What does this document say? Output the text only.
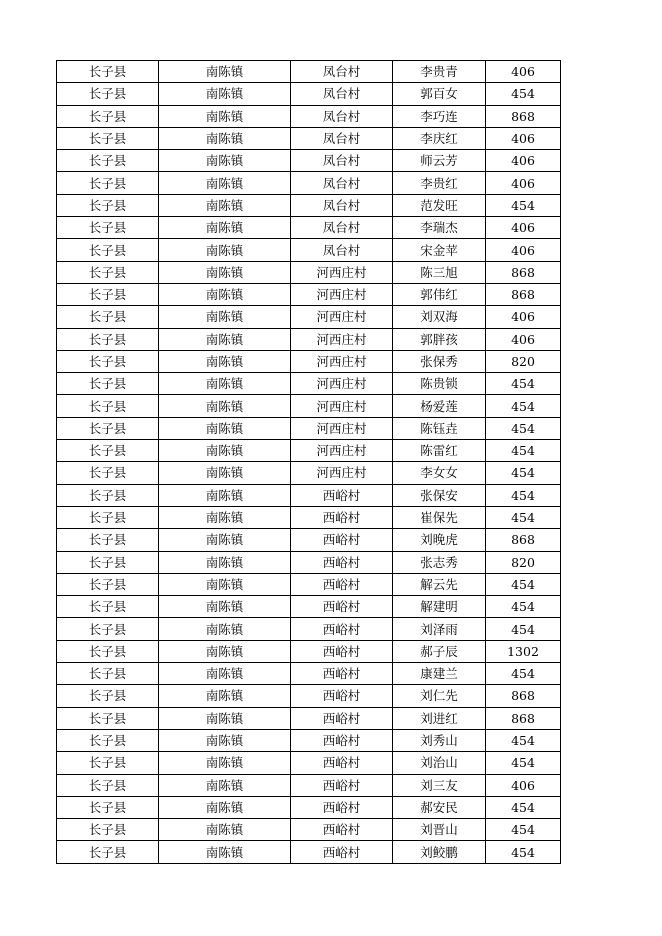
长子县	南陈镇	凤台村	李贵青	406
长子县	南陈镇	凤台村	郭百女	454
长子县	南陈镇	凤台村	李巧连	868
长子县	南陈镇	凤台村	李庆红	406
长子县	南陈镇	凤台村	师云芳	406
长子县	南陈镇	凤台村	李贵红	406
长子县	南陈镇	凤台村	范发旺	454
长子县	南陈镇	凤台村	李瑞杰	406
长子县	南陈镇	凤台村	宋金苹	406
长子县	南陈镇	河西庄村	陈三旭	868
长子县	南陈镇	河西庄村	郭伟红	868
长子县	南陈镇	河西庄村	刘双海	406
长子县	南陈镇	河西庄村	郭胖孩	406
长子县	南陈镇	河西庄村	张保秀	820
长子县	南陈镇	河西庄村	陈贵锁	454
长子县	南陈镇	河西庄村	杨爱莲	454
长子县	南陈镇	河西庄村	陈钰垚	454
长子县	南陈镇	河西庄村	陈雷红	454
长子县	南陈镇	河西庄村	李女女	454
长子县	南陈镇	西峪村	张保安	454
长子县	南陈镇	西峪村	崔保先	454
长子县	南陈镇	西峪村	刘晚虎	868
长子县	南陈镇	西峪村	张志秀	820
长子县	南陈镇	西峪村	解云先	454
长子县	南陈镇	西峪村	解建明	454
长子县	南陈镇	西峪村	刘泽雨	454
长子县	南陈镇	西峪村	郝子辰	1302
长子县	南陈镇	西峪村	康建兰	454
长子县	南陈镇	西峪村	刘仁先	868
长子县	南陈镇	西峪村	刘进红	868
长子县	南陈镇	西峪村	刘秀山	454
长子县	南陈镇	西峪村	刘治山	454
长子县	南陈镇	西峪村	刘三友	406
长子县	南陈镇	西峪村	郝安民	454
长子县	南陈镇	西峪村	刘晋山	454
长子县	南陈镇	西峪村	刘鲛鹏	454
